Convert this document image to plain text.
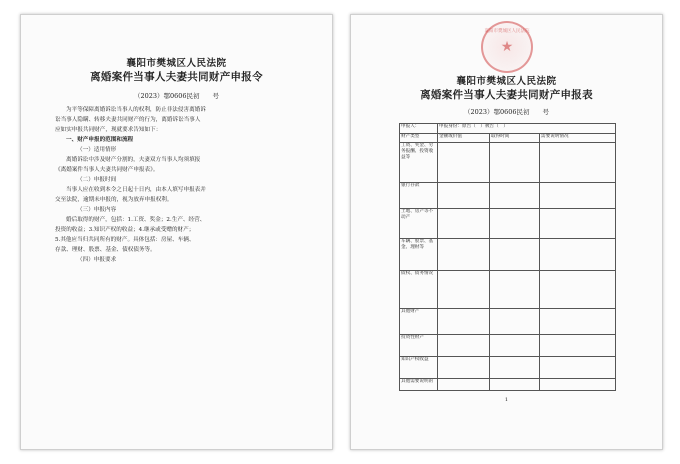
襄阳市樊城区人民法院
离婚案件当事人夫妻共同财产申报令
（2023）鄂0606民初　　号

为平等保障离婚诉讼当事人的权利，防止非法侵害离婚诉

讼当事人隐瞒、转移夫妻共同财产的行为，离婚诉讼当事人

应如实申报共同财产，现就要求告知如下：

一、财产申报的范围和流程

（一）适用情形

离婚诉讼中涉及财产分割的，夫妻双方当事人均须填报

《离婚案件当事人夫妻共同财产申报表》。

（二）申报时间

当事人应在收到本令之日起十日内，由本人填写申报表并

交至法院，逾期未申报的，视为放弃申报权利。

（三）申报内容

婚后取得的财产，包括：1.工资、奖金；2.生产、经营、

投资的收益；3.知识产权的收益；4.继承或受赠的财产；

5.其他应当归共同所有的财产。具体包括：房屋、车辆、

存款、理财、股票、基金、债权债务等。

（四）申报要求

襄阳市樊城区人民法院
★
襄阳市樊城区人民法院
离婚案件当事人夫妻共同财产申报表
（2023）鄂0606民初　　号
申报人：	申报身份：原告（　）被告（　）		
财产类型	金额或价值	取得时间	需要说明情况
工资、奖金、劳务报酬、投资收益等			
银行存款			
土地、房产等不动产			
车辆、股票、基金、理财等			
债权、债务情况			
其他财产			
投资性财产			
知识产权收益			
其他需要说明的			
1
